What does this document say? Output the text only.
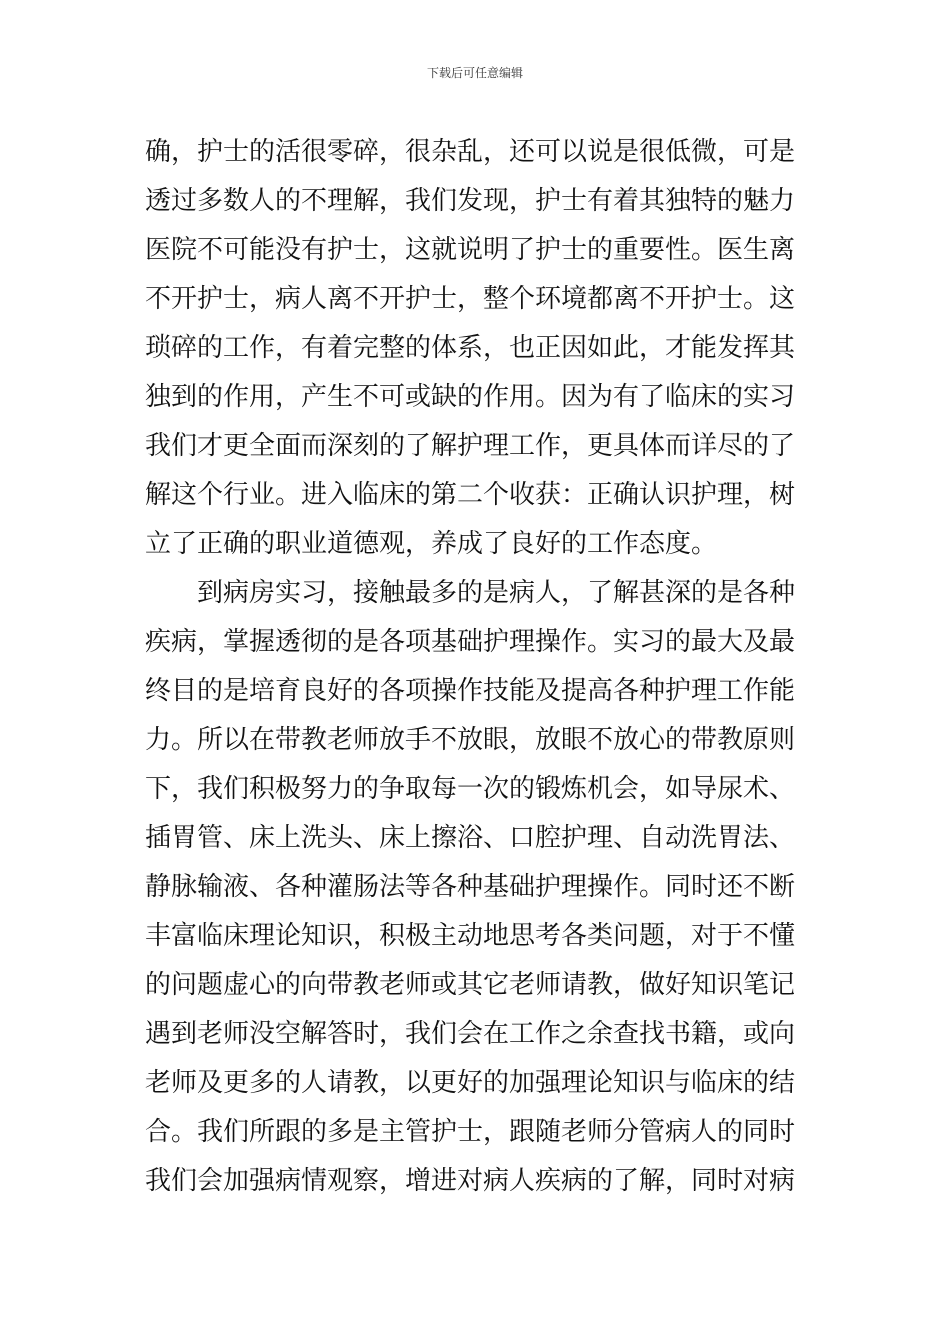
下载后可任意编辑
确，护士的活很零碎，很杂乱，还可以说是很低微，可是
透过多数人的不理解，我们发现，护士有着其独特的魅力
医院不可能没有护士，这就说明了护士的重要性。医生离
不开护士，病人离不开护士，整个环境都离不开护士。这
琐碎的工作，有着完整的体系，也正因如此，才能发挥其
独到的作用，产生不可或缺的作用。因为有了临床的实习
我们才更全面而深刻的了解护理工作，更具体而详尽的了
解这个行业。进入临床的第二个收获：正确认识护理，树
立了正确的职业道德观，养成了良好的工作态度。
到病房实习，接触最多的是病人，了解甚深的是各种
疾病，掌握透彻的是各项基础护理操作。实习的最大及最
终目的是培育良好的各项操作技能及提高各种护理工作能
力。所以在带教老师放手不放眼，放眼不放心的带教原则
下，我们积极努力的争取每一次的锻炼机会，如导尿术、
插胃管、床上洗头、床上擦浴、口腔护理、自动洗胃法、
静脉输液、各种灌肠法等各种基础护理操作。同时还不断
丰富临床理论知识，积极主动地思考各类问题，对于不懂
的问题虚心的向带教老师或其它老师请教，做好知识笔记
遇到老师没空解答时，我们会在工作之余查找书籍，或向
老师及更多的人请教，以更好的加强理论知识与临床的结
合。我们所跟的多是主管护士，跟随老师分管病人的同时
我们会加强病情观察，增进对病人疾病的了解，同时对病
